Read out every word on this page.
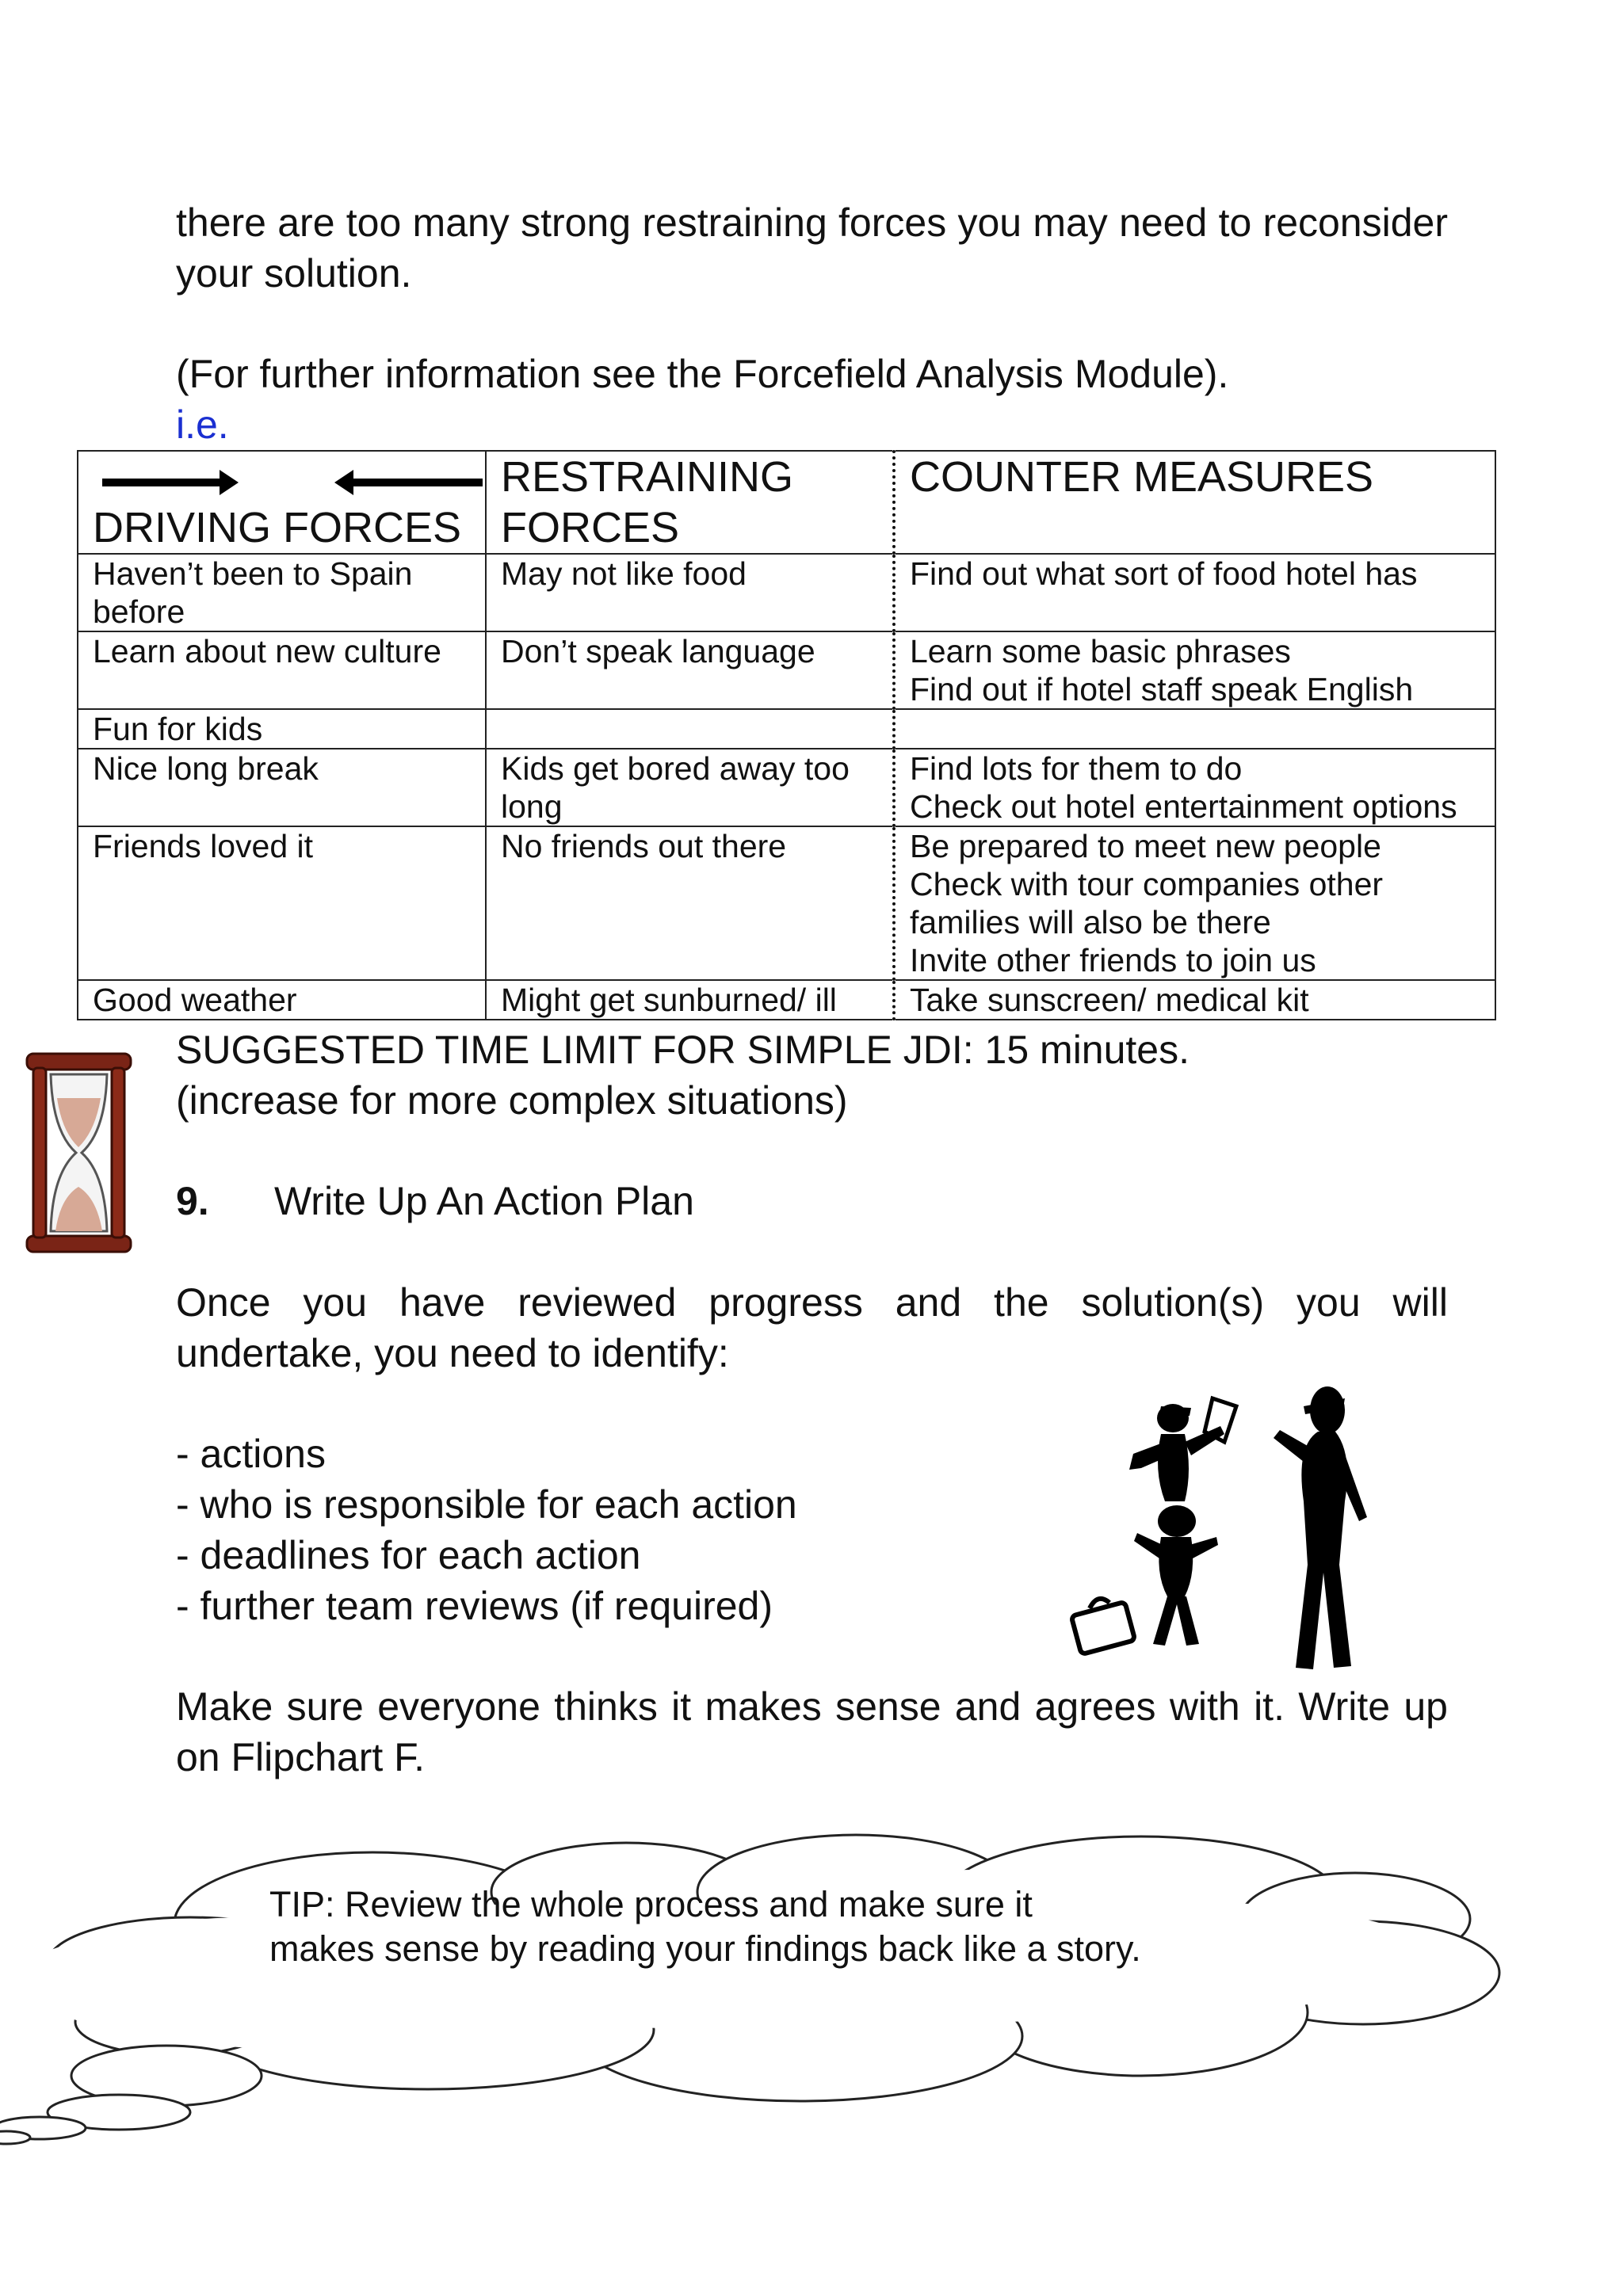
there are too many strong restraining forces you may need to reconsider your solution.

(For further information see the Forcefield Analysis Module).

i.e.

DRIVING FORCES	RESTRAINING FORCES	COUNTER MEASURES
Haven’t been to Spain before	May not like food	Find out what sort of food hotel has

Learn about new culture	Don’t speak language	Learn some basic phrases
Find out if hotel staff speak English

Fun for kids		
Nice long break	Kids get bored away too long	Find lots for them to do
Check out hotel entertainment options

Friends loved it	No friends out there	Be prepared to meet new people
Check with tour companies other families will also be there
Invite other friends to join us

Good weather	Might get sunburned/ ill	Take sunscreen/ medical kit

SUGGESTED TIME LIMIT FOR SIMPLE JDI: 15 minutes.

(increase for more complex situations)

9. Write Up An Action Plan

Once you have reviewed progress and the solution(s) you will undertake, you need to identify:

- actions

- who is responsible for each action

- deadlines for each action

- further team reviews (if required)

Make sure everyone thinks it makes sense and agrees with it. Write up on Flipchart F.

TIP: Review the whole process and make sure it makes sense by reading your findings back like a story.
